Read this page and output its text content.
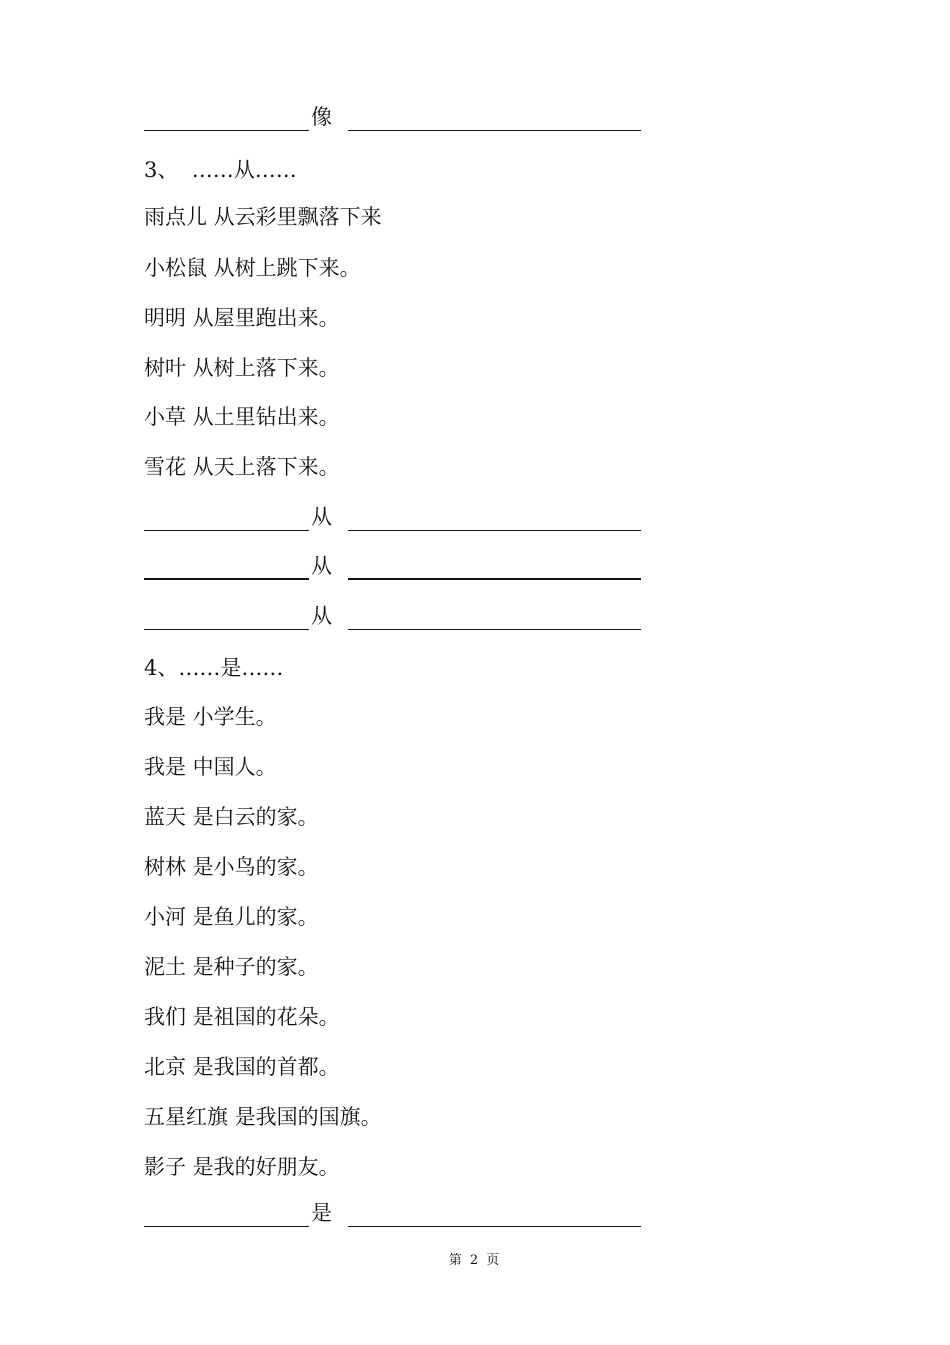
像
3、  ……从……
雨点儿 从云彩里飘落下来
小松鼠 从树上跳下来。
明明 从屋里跑出来。
树叶 从树上落下来。
小草 从土里钻出来。
雪花 从天上落下来。
从
从
从
4、……是……
我是 小学生。
我是 中国人。
蓝天 是白云的家。
树林 是小鸟的家。
小河 是鱼儿的家。
泥土 是种子的家。
我们 是祖国的花朵。
北京 是我国的首都。
五星红旗 是我国的国旗。
影子 是我的好朋友。
是
第 2 页
